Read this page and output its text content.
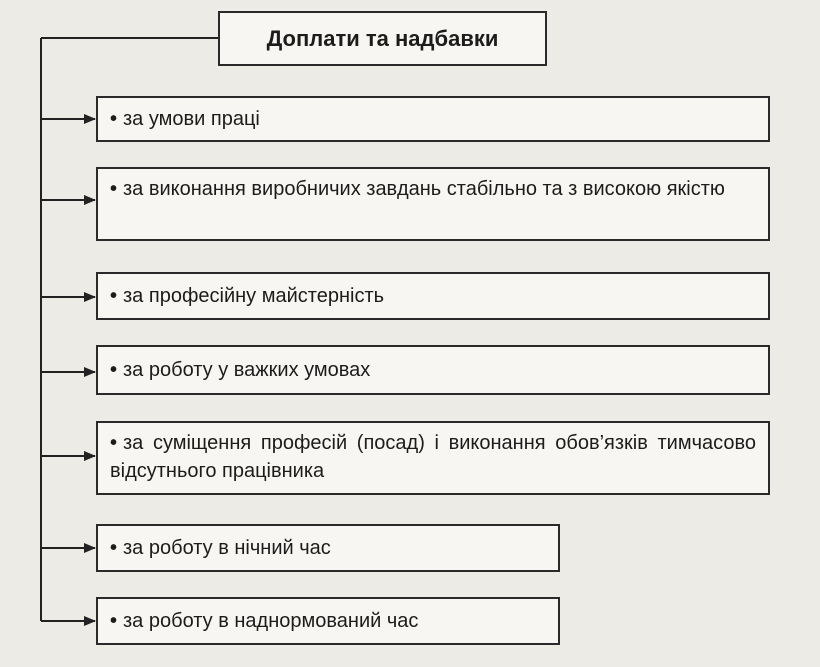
Доплати та надбавки
• за умови праці
• за виконання виробничих завдань стабільно та з високою якістю
• за професійну майстерність
• за роботу у важких умовах
• за суміщення професій (посад) і виконання обов’язків тимчасово відсутнього працівника
• за роботу в нічний час
• за роботу в наднормований час
